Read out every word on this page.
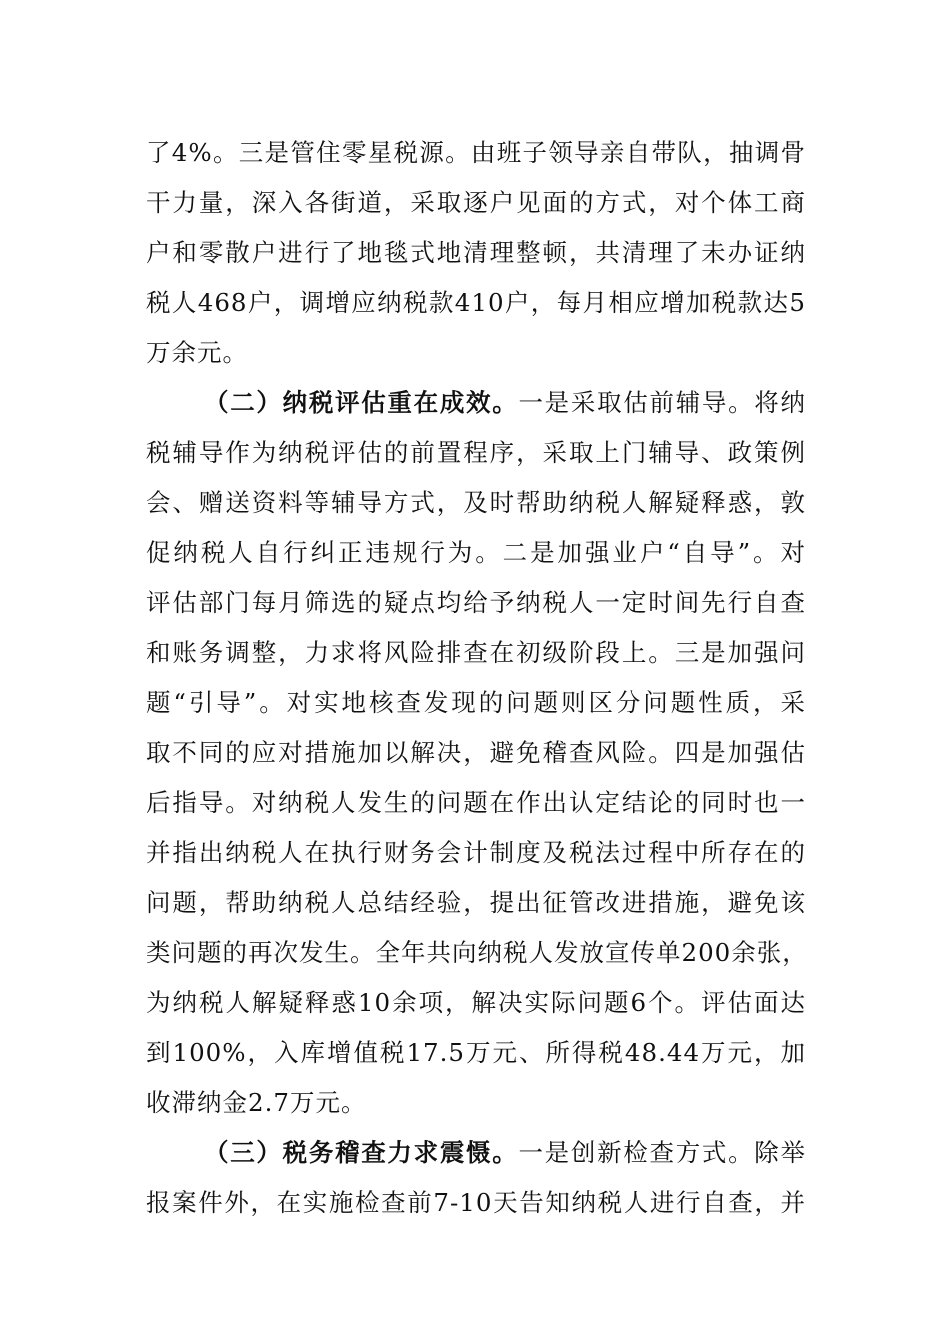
了4%。三是管住零星税源。由班子领导亲自带队，抽调骨
干力量，深入各街道，采取逐户见面的方式，对个体工商
户和零散户进行了地毯式地清理整顿，共清理了未办证纳
税人468户，调增应纳税款410户，每月相应增加税款达5
万余元。
（二）纳税评估重在成效。一是采取估前辅导。将纳
税辅导作为纳税评估的前置程序，采取上门辅导、政策例
会、赠送资料等辅导方式，及时帮助纳税人解疑释惑，敦
促纳税人自行纠正违规行为。二是加强业户“自导”。对
评估部门每月筛选的疑点均给予纳税人一定时间先行自查
和账务调整，力求将风险排查在初级阶段上。三是加强问
题“引导”。对实地核查发现的问题则区分问题性质，采
取不同的应对措施加以解决，避免稽查风险。四是加强估
后指导。对纳税人发生的问题在作出认定结论的同时也一
并指出纳税人在执行财务会计制度及税法过程中所存在的
问题，帮助纳税人总结经验，提出征管改进措施，避免该
类问题的再次发生。全年共向纳税人发放宣传单200余张，
为纳税人解疑释惑10余项，解决实际问题6个。评估面达
到100%，入库增值税17.5万元、所得税48.44万元，加
收滞纳金2.7万元。
（三）税务稽查力求震慑。一是创新检查方式。除举
报案件外，在实施检查前7-10天告知纳税人进行自查，并
